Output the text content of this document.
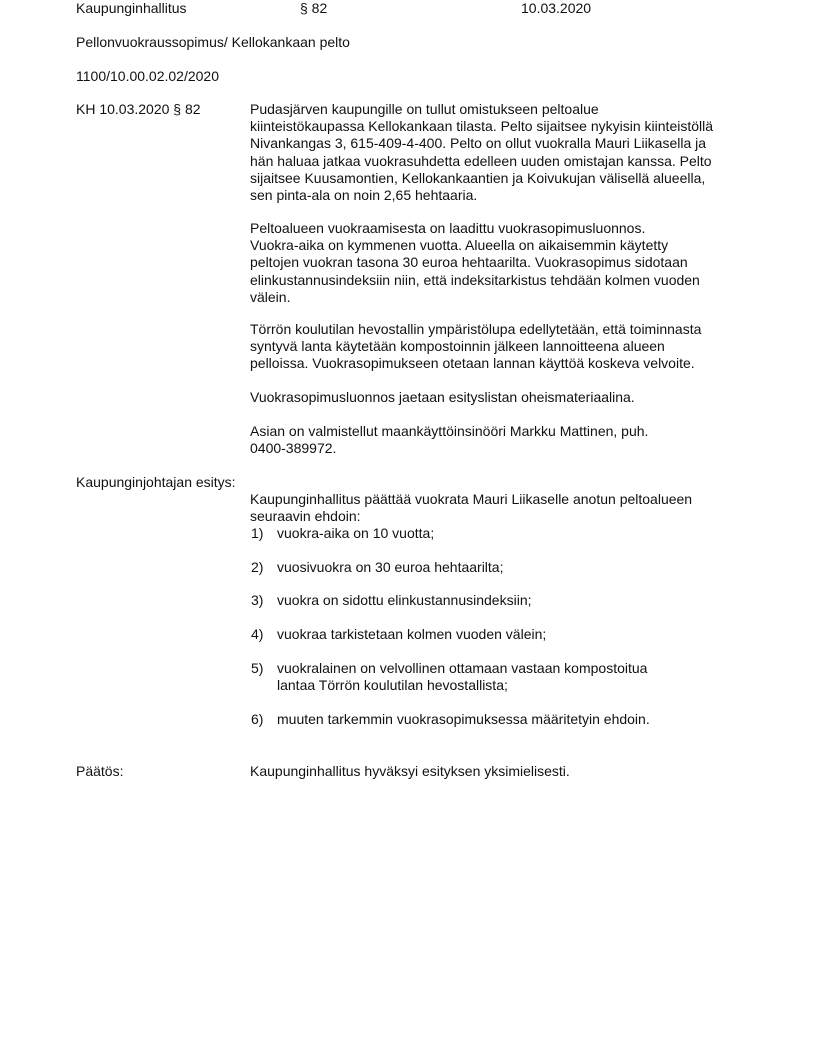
Kaupunginhallitus	§ 82	10.03.2020
Pellonvuokraussopimus/ Kellokankaan pelto
1100/10.00.02.02/2020
KH 10.03.2020 § 82	Pudasjärven kaupungille on tullut omistukseen peltoalue
kiinteistökaupassa Kellokankaan tilasta. Pelto sijaitsee nykyisin kiinteistöllä
Nivankangas 3, 615-409-4-400. Pelto on ollut vuokralla Mauri Liikasella ja
hän haluaa jatkaa vuokrasuhdetta edelleen uuden omistajan kanssa. Pelto
sijaitsee Kuusamontien, Kellokankaantien ja Koivukujan välisellä alueella,
sen pinta-ala on noin 2,65 hehtaaria.
Peltoalueen vuokraamisesta on laadittu vuokrasopimusluonnos.
Vuokra-aika on kymmenen vuotta. Alueella on aikaisemmin käytetty
peltojen vuokran tasona 30 euroa hehtaarilta. Vuokrasopimus sidotaan
elinkustannusindeksiin niin, että indeksitarkistus tehdään kolmen vuoden
välein.
Törrön koulutilan hevostallin ympäristölupa edellytetään, että toiminnasta
syntyvä lanta käytetään kompostoinnin jälkeen lannoitteena alueen
pelloissa. Vuokrasopimukseen otetaan lannan käyttöä koskeva velvoite.
Vuokrasopimusluonnos jaetaan esityslistan oheismateriaalina.
Asian on valmistellut maankäyttöinsinööri Markku Mattinen, puh.
0400-389972.
Kaupunginjohtajan esitys:
Kaupunginhallitus päättää vuokrata Mauri Liikaselle anotun peltoalueen
seuraavin ehdoin:
1) vuokra-aika on 10 vuotta;
2) vuosivuokra on 30 euroa hehtaarilta;
3) vuokra on sidottu elinkustannusindeksiin;
4) vuokraa tarkistetaan kolmen vuoden välein;
5) vuokralainen on velvollinen ottamaan vastaan kompostoitua
lantaa Törrön koulutilan hevostallista;
6) muuten tarkemmin vuokrasopimuksessa määritetyin ehdoin.
Päätös:	Kaupunginhallitus hyväksyi esityksen yksimielisesti.
